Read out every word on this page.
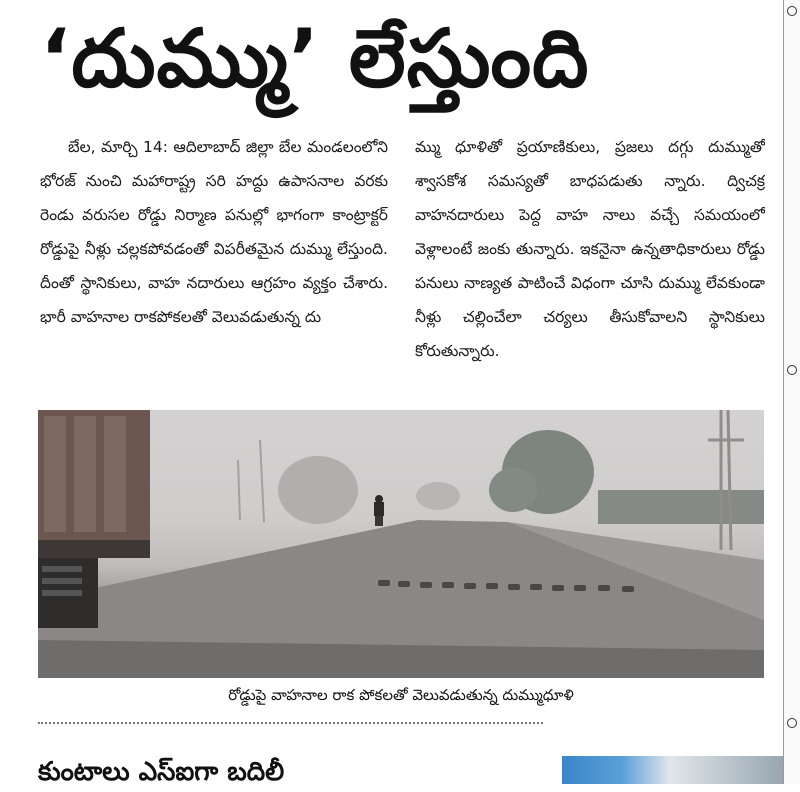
‘దుమ్ము’ లేస్తుంది
బేల, మార్చి 14: ఆదిలాబాద్ జిల్లా బేల మండలంలోని భోరజ్ నుంచి మహారాష్ట్ర సరి హద్దు ఉపాసనాల వరకు రెండు వరుసల రోడ్డు నిర్మాణ పనుల్లో భాగంగా కాంట్రాక్టర్ రోడ్డుపై నీళ్లు చల్లకపోవడంతో విపరీతమైన దుమ్ము లేస్తుంది. దీంతో స్థానికులు, వాహ నదారులు ఆగ్రహం వ్యక్తం చేశారు. భారీ వాహనాల రాకపోకలతో వెలువడుతున్న దు
మ్ము ధూళితో ప్రయాణికులు, ప్రజలు దగ్గు దుమ్ముతో శ్వాసకోశ సమస్యతో బాధపడుతు న్నారు. ద్విచక్ర వాహనదారులు పెద్ద వాహ నాలు వచ్చే సమయంలో వెళ్లాలంటే జంకు తున్నారు. ఇకనైనా ఉన్నతాధికారులు రోడ్డు పనులు నాణ్యత పాటించే విధంగా చూసి దుమ్ము లేవకుండా నీళ్లు చల్లించేలా చర్యలు తీసుకోవాలని స్థానికులు కోరుతున్నారు.
రోడ్డుపై వాహనాల రాక పోకలతో వెలువడుతున్న దుమ్ముధూళి
కుంటాలు ఎస్ఐగా బదిలీ
